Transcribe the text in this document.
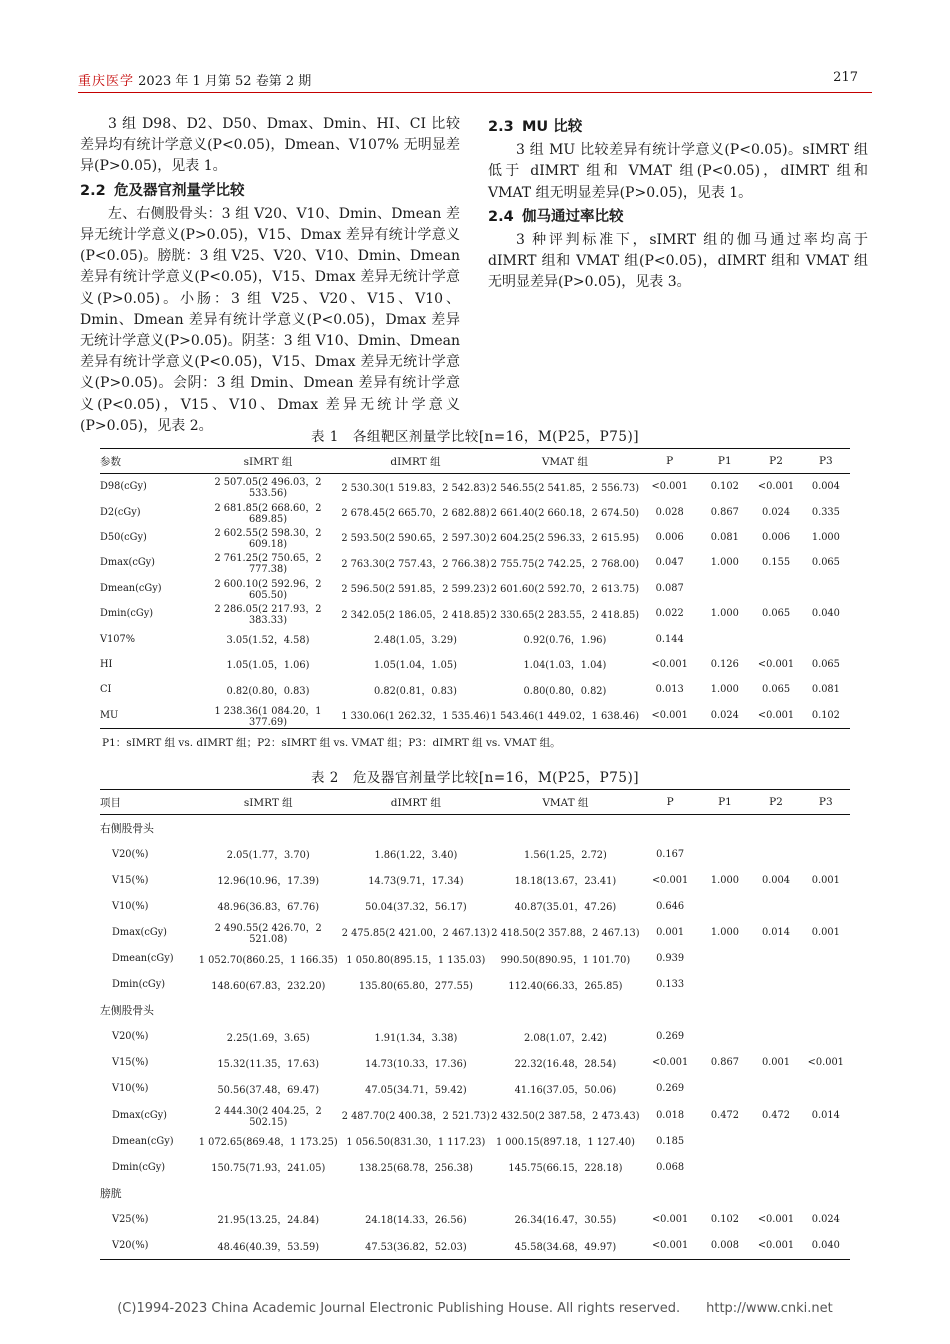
重庆医学 2023 年 1 月第 52 卷第 2 期	217

3 组 D98、D2、D50、Dmax、Dmin、HI、CI 比较差异均有统计学意义(P<0.05)，Dmean、V107% 无明显差异(P>0.05)，见表 1。

2.2 危及器官剂量学比较

左、右侧股骨头：3 组 V20、V10、Dmin、Dmean 差异无统计学意义(P>0.05)，V15、Dmax 差异有统计学意义(P<0.05)。膀胱：3 组 V25、V20、V10、Dmin、Dmean 差异有统计学意义(P<0.05)，V15、Dmax 差异无统计学意义(P>0.05)。小肠：3 组 V25、V20、V15、V10、Dmin、Dmean 差异有统计学意义(P<0.05)，Dmax 差异无统计学意义(P>0.05)。阴茎：3 组 V10、Dmin、Dmean 差异有统计学意义(P<0.05)，V15、Dmax 差异无统计学意义(P>0.05)。会阴：3 组 Dmin、Dmean 差异有统计学意义(P<0.05)，V15、V10、Dmax 差异无统计学意义(P>0.05)，见表 2。

2.3 MU 比较

3 组 MU 比较差异有统计学意义(P<0.05)。sIMRT 组低于 dIMRT 组和 VMAT 组(P<0.05)，dIMRT 组和 VMAT 组无明显差异(P>0.05)，见表 1。

2.4 伽马通过率比较

3 种评判标准下，sIMRT 组的伽马通过率均高于 dIMRT 组和 VMAT 组(P<0.05)，dIMRT 组和 VMAT 组无明显差异(P>0.05)，见表 3。

表 1　各组靶区剂量学比较[n=16，M(P25，P75)]
参数	sIMRT 组	dIMRT 组	VMAT 组	P	P1	P2	P3
D98(cGy)	2 507.05(2 496.03，2 533.56)	2 530.30(1 519.83，2 542.83)	2 546.55(2 541.85，2 556.73)	<0.001	0.102	<0.001	0.004
D2(cGy)	2 681.85(2 668.60，2 689.85)	2 678.45(2 665.70，2 682.88)	2 661.40(2 660.18，2 674.50)	0.028	0.867	0.024	0.335
D50(cGy)	2 602.55(2 598.30，2 609.18)	2 593.50(2 590.65，2 597.30)	2 604.25(2 596.33，2 615.95)	0.006	0.081	0.006	1.000
Dmax(cGy)	2 761.25(2 750.65，2 777.38)	2 763.30(2 757.43，2 766.38)	2 755.75(2 742.25，2 768.00)	0.047	1.000	0.155	0.065
Dmean(cGy)	2 600.10(2 592.96，2 605.50)	2 596.50(2 591.85，2 599.23)	2 601.60(2 592.70，2 613.75)	0.087			
Dmin(cGy)	2 286.05(2 217.93，2 383.33)	2 342.05(2 186.05，2 418.85)	2 330.65(2 283.55，2 418.85)	0.022	1.000	0.065	0.040
V107%	3.05(1.52，4.58)	2.48(1.05，3.29)	0.92(0.76，1.96)	0.144			
HI	1.05(1.05，1.06)	1.05(1.04，1.05)	1.04(1.03，1.04)	<0.001	0.126	<0.001	0.065
CI	0.82(0.80，0.83)	0.82(0.81，0.83)	0.80(0.80，0.82)	0.013	1.000	0.065	0.081
MU	1 238.36(1 084.20，1 377.69)	1 330.06(1 262.32，1 535.46)	1 543.46(1 449.02，1 638.46)	<0.001	0.024	<0.001	0.102
P1：sIMRT 组 vs. dIMRT 组；P2：sIMRT 组 vs. VMAT 组；P3：dIMRT 组 vs. VMAT 组。
表 2　危及器官剂量学比较[n=16，M(P25，P75)]
项目	sIMRT 组	dIMRT 组	VMAT 组	P	P1	P2	P3
右侧股骨头							
V20(%)	2.05(1.77，3.70)	1.86(1.22，3.40)	1.56(1.25，2.72)	0.167			
V15(%)	12.96(10.96，17.39)	14.73(9.71，17.34)	18.18(13.67，23.41)	<0.001	1.000	0.004	0.001
V10(%)	48.96(36.83，67.76)	50.04(37.32，56.17)	40.87(35.01，47.26)	0.646			
Dmax(cGy)	2 490.55(2 426.70，2 521.08)	2 475.85(2 421.00，2 467.13)	2 418.50(2 357.88，2 467.13)	0.001	1.000	0.014	0.001
Dmean(cGy)	1 052.70(860.25，1 166.35)	1 050.80(895.15，1 135.03)	990.50(890.95，1 101.70)	0.939			
Dmin(cGy)	148.60(67.83，232.20)	135.80(65.80，277.55)	112.40(66.33，265.85)	0.133			
左侧股骨头							
V20(%)	2.25(1.69，3.65)	1.91(1.34，3.38)	2.08(1.07，2.42)	0.269			
V15(%)	15.32(11.35，17.63)	14.73(10.33，17.36)	22.32(16.48，28.54)	<0.001	0.867	0.001	<0.001
V10(%)	50.56(37.48，69.47)	47.05(34.71，59.42)	41.16(37.05，50.06)	0.269			
Dmax(cGy)	2 444.30(2 404.25，2 502.15)	2 487.70(2 400.38，2 521.73)	2 432.50(2 387.58，2 473.43)	0.018	0.472	0.472	0.014
Dmean(cGy)	1 072.65(869.48，1 173.25)	1 056.50(831.30，1 117.23)	1 000.15(897.18，1 127.40)	0.185			
Dmin(cGy)	150.75(71.93，241.05)	138.25(68.78，256.38)	145.75(66.15，228.18)	0.068			
膀胱							
V25(%)	21.95(13.25，24.84)	24.18(14.33，26.56)	26.34(16.47，30.55)	<0.001	0.102	<0.001	0.024
V20(%)	48.46(40.39，53.59)	47.53(36.82，52.03)	45.58(34.68，49.97)	<0.001	0.008	<0.001	0.040
(C)1994-2023 China Academic Journal Electronic Publishing House. All rights reserved.　　http://www.cnki.net
